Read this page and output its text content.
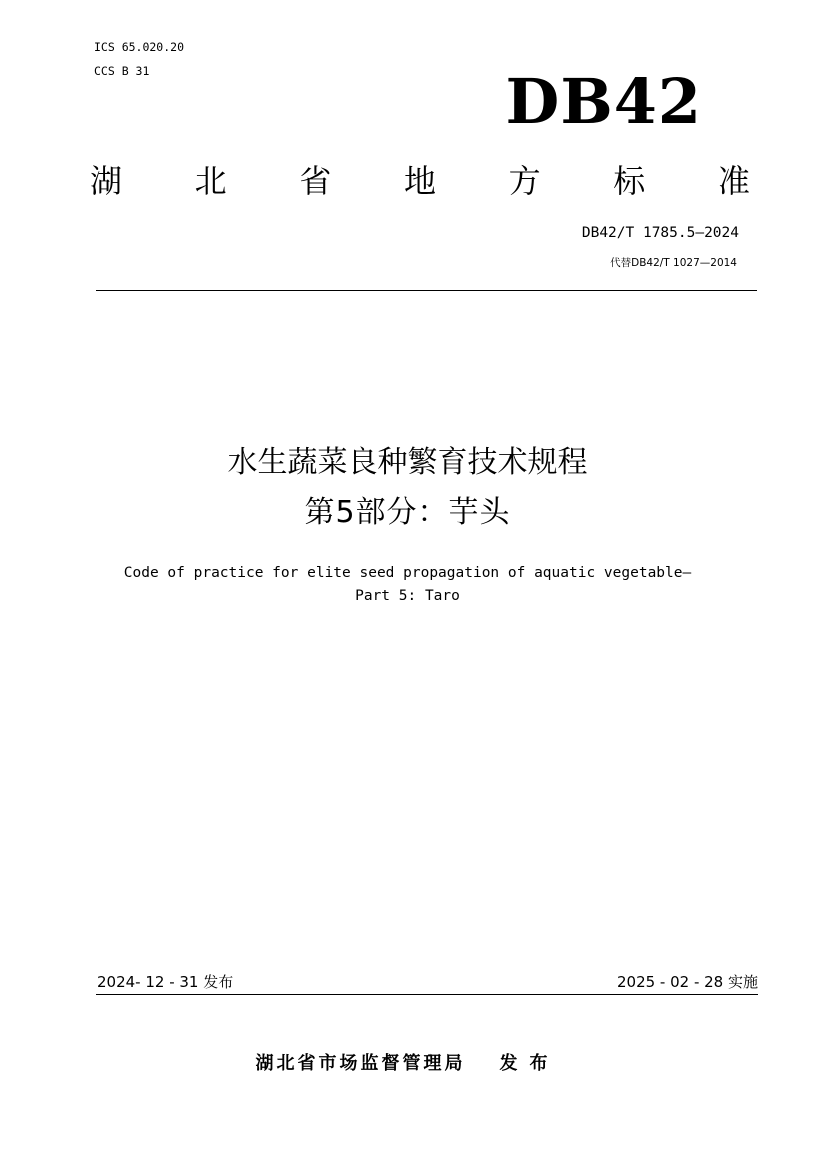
ICS 65.020.20
CCS B 31	DB42
湖 北 省 地 方 标 准
DB42/T 1785.5—2024
代替DB42/T 1027—2014
水生蔬菜良种繁育技术规程
第5部分：芋头
Code of practice for elite seed propagation of aquatic vegetable—
Part 5: Taro
2024- 12 - 31 发布	2025 - 02 - 28 实施
湖北省市场监督管理局 发布
